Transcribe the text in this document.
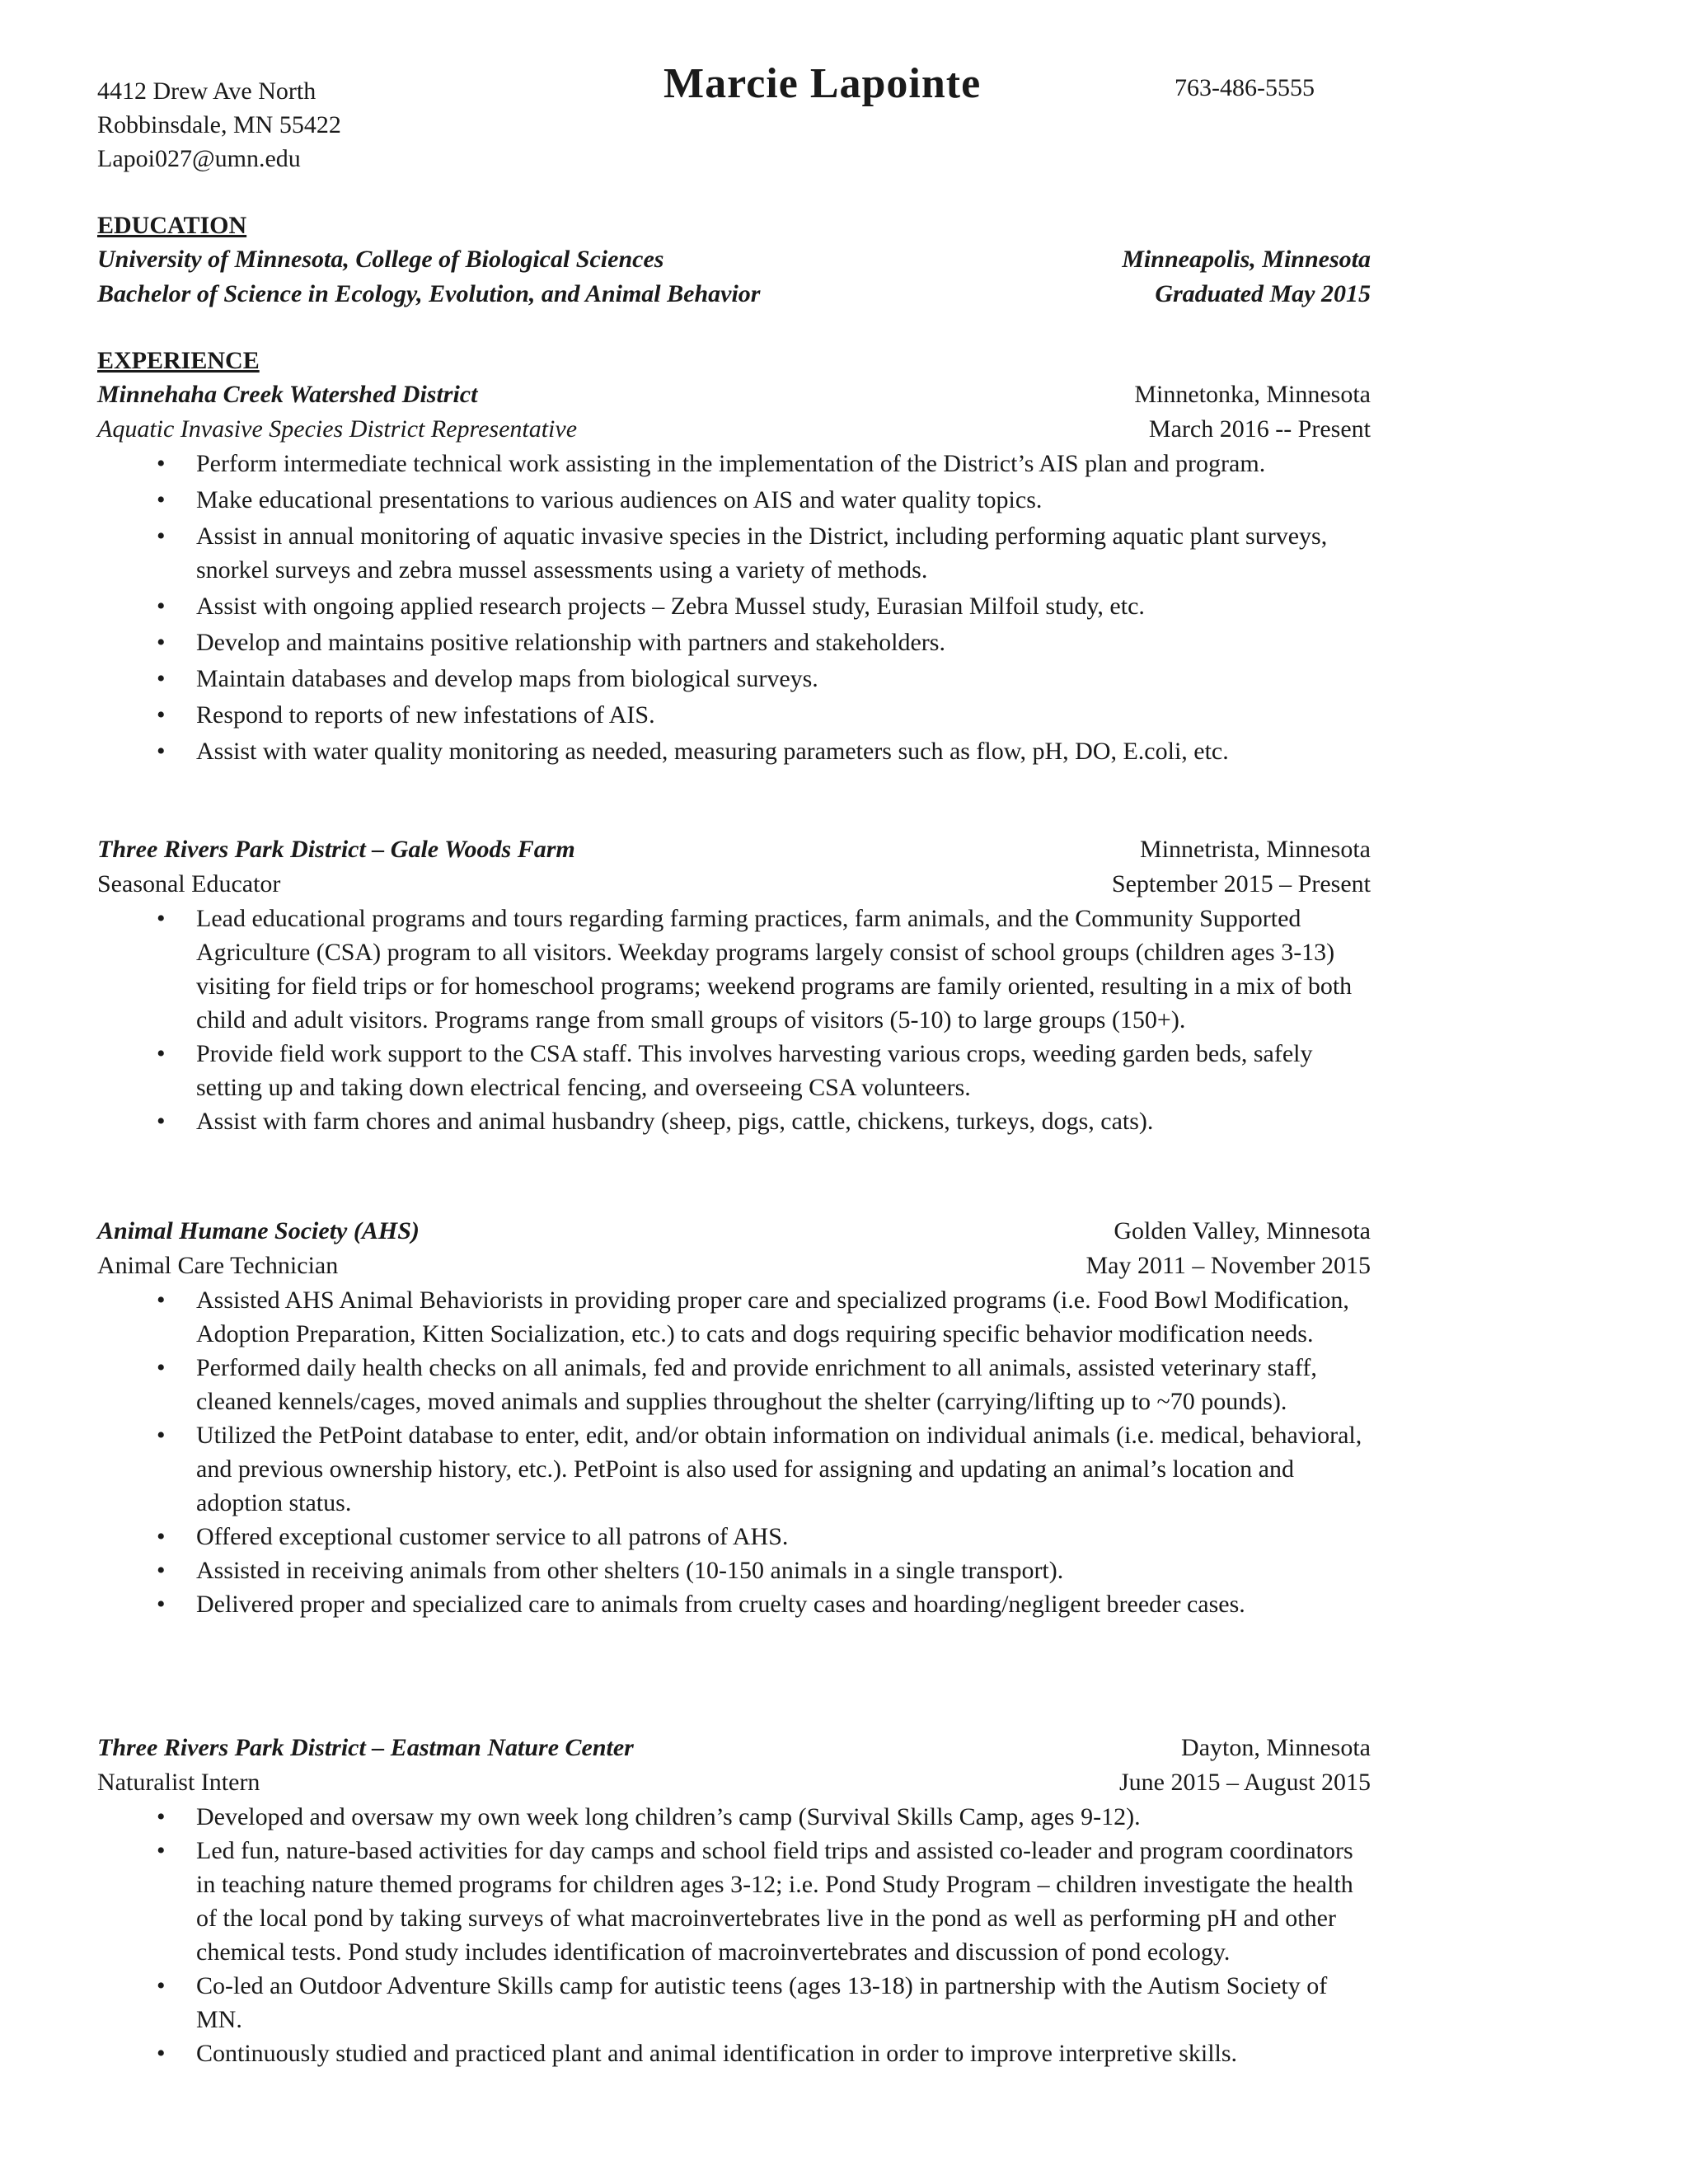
4412 Drew Ave North
Robbinsdale, MN 55422
Lapoi027@umn.edu
Marcie Lapointe	763-486-5555
EDUCATION
University of Minnesota, College of Biological Sciences	Minneapolis, Minnesota
Bachelor of Science in Ecology, Evolution, and Animal Behavior	Graduated May 2015
EXPERIENCE
Minnehaha Creek Watershed District	Minnetonka, Minnesota
Aquatic Invasive Species District Representative	March 2016 -- Present
• Perform intermediate technical work assisting in the implementation of the District’s AIS plan and program.
• Make educational presentations to various audiences on AIS and water quality topics.
• Assist in annual monitoring of aquatic invasive species in the District, including performing aquatic plant surveys, snorkel surveys and zebra mussel assessments using a variety of methods.
• Assist with ongoing applied research projects – Zebra Mussel study, Eurasian Milfoil study, etc.
• Develop and maintains positive relationship with partners and stakeholders.
• Maintain databases and develop maps from biological surveys.
• Respond to reports of new infestations of AIS.
• Assist with water quality monitoring as needed, measuring parameters such as flow, pH, DO, E.coli, etc.
Three Rivers Park District – Gale Woods Farm	Minnetrista, Minnesota
Seasonal Educator	September 2015 – Present
• Lead educational programs and tours regarding farming practices, farm animals, and the Community Supported Agriculture (CSA) program to all visitors. Weekday programs largely consist of school groups (children ages 3-13) visiting for field trips or for homeschool programs; weekend programs are family oriented, resulting in a mix of both child and adult visitors. Programs range from small groups of visitors (5-10) to large groups (150+).
• Provide field work support to the CSA staff. This involves harvesting various crops, weeding garden beds, safely setting up and taking down electrical fencing, and overseeing CSA volunteers.
• Assist with farm chores and animal husbandry (sheep, pigs, cattle, chickens, turkeys, dogs, cats).
Animal Humane Society (AHS)	Golden Valley, Minnesota
Animal Care Technician	May 2011 – November 2015
• Assisted AHS Animal Behaviorists in providing proper care and specialized programs (i.e. Food Bowl Modification, Adoption Preparation, Kitten Socialization, etc.) to cats and dogs requiring specific behavior modification needs.
• Performed daily health checks on all animals, fed and provide enrichment to all animals, assisted veterinary staff, cleaned kennels/cages, moved animals and supplies throughout the shelter (carrying/lifting up to ~70 pounds).
• Utilized the PetPoint database to enter, edit, and/or obtain information on individual animals (i.e. medical, behavioral, and previous ownership history, etc.). PetPoint is also used for assigning and updating an animal’s location and adoption status.
• Offered exceptional customer service to all patrons of AHS.
• Assisted in receiving animals from other shelters (10-150 animals in a single transport).
• Delivered proper and specialized care to animals from cruelty cases and hoarding/negligent breeder cases.
Three Rivers Park District – Eastman Nature Center	Dayton, Minnesota
Naturalist Intern	June 2015 – August 2015
• Developed and oversaw my own week long children’s camp (Survival Skills Camp, ages 9-12).
• Led fun, nature-based activities for day camps and school field trips and assisted co-leader and program coordinators in teaching nature themed programs for children ages 3-12; i.e. Pond Study Program – children investigate the health of the local pond by taking surveys of what macroinvertebrates live in the pond as well as performing pH and other chemical tests. Pond study includes identification of macroinvertebrates and discussion of pond ecology.
• Co-led an Outdoor Adventure Skills camp for autistic teens (ages 13-18) in partnership with the Autism Society of MN.
• Continuously studied and practiced plant and animal identification in order to improve interpretive skills.
